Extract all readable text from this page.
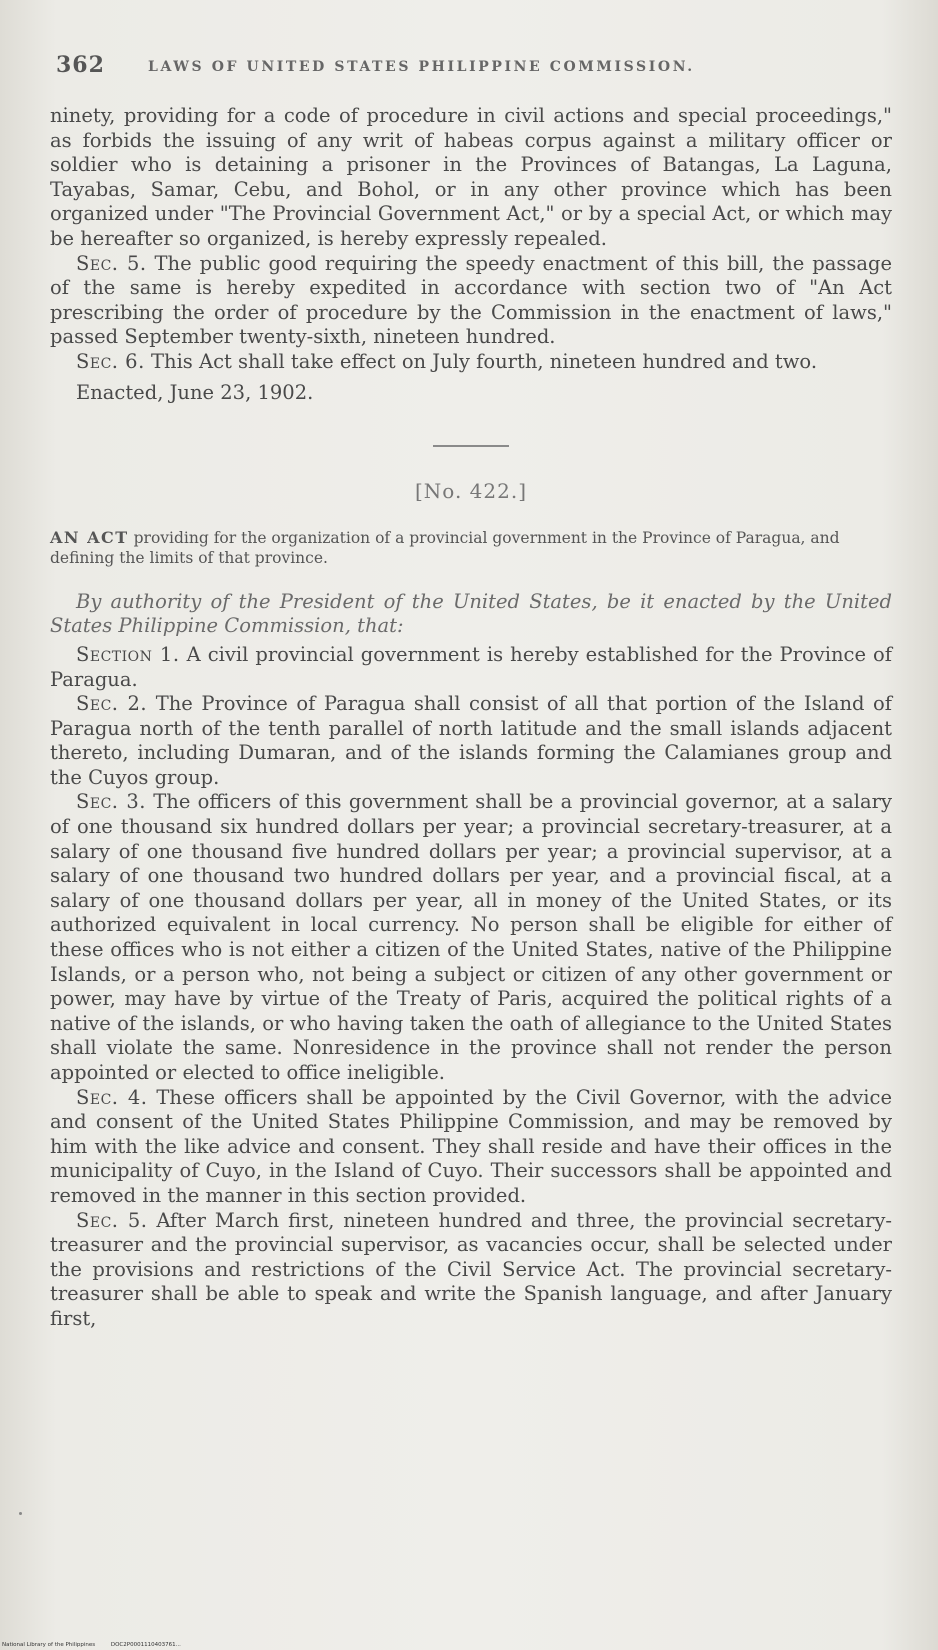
362	LAWS OF UNITED STATES PHILIPPINE COMMISSION.

ninety, providing for a code of procedure in civil actions and special proceedings," as forbids the issuing of any writ of habeas corpus against a military officer or soldier who is detaining a prisoner in the Provinces of Batangas, La Laguna, Tayabas, Samar, Cebu, and Bohol, or in any other province which has been organized under "The Provincial Government Act," or by a special Act, or which may be hereafter so organized, is hereby expressly repealed.

Sec. 5. The public good requiring the speedy enactment of this bill, the passage of the same is hereby expedited in accordance with section two of "An Act prescribing the order of procedure by the Commission in the enactment of laws," passed September twenty-sixth, nineteen hundred.

Sec. 6. This Act shall take effect on July fourth, nineteen hundred and two.

Enacted, June 23, 1902.

[No. 422.]
AN ACT providing for the organization of a provincial government in the Province of Paragua, and defining the limits of that province.

By authority of the President of the United States, be it enacted by the United States Philippine Commission, that:

Section 1. A civil provincial government is hereby established for the Province of Paragua.

Sec. 2. The Province of Paragua shall consist of all that portion of the Island of Paragua north of the tenth parallel of north latitude and the small islands adjacent thereto, including Dumaran, and of the islands forming the Calamianes group and the Cuyos group.

Sec. 3. The officers of this government shall be a provincial governor, at a salary of one thousand six hundred dollars per year; a provincial secretary-treasurer, at a salary of one thousand five hundred dollars per year; a provincial supervisor, at a salary of one thousand two hundred dollars per year, and a provincial fiscal, at a salary of one thousand dollars per year, all in money of the United States, or its authorized equivalent in local currency. No person shall be eligible for either of these offices who is not either a citizen of the United States, native of the Philippine Islands, or a person who, not being a subject or citizen of any other government or power, may have by virtue of the Treaty of Paris, acquired the political rights of a native of the islands, or who having taken the oath of allegiance to the United States shall violate the same. Nonresidence in the province shall not render the person appointed or elected to office ineligible.

Sec. 4. These officers shall be appointed by the Civil Governor, with the advice and consent of the United States Philippine Commission, and may be removed by him with the like advice and consent. They shall reside and have their offices in the municipality of Cuyo, in the Island of Cuyo. Their successors shall be appointed and removed in the manner in this section provided.

Sec. 5. After March first, nineteen hundred and three, the provincial secretary-treasurer and the provincial supervisor, as vacancies occur, shall be selected under the provisions and restrictions of the Civil Service Act. The provincial secretary-treasurer shall be able to speak and write the Spanish language, and after January first,

National Library of the Philippines	DOC2P0001110403761...
